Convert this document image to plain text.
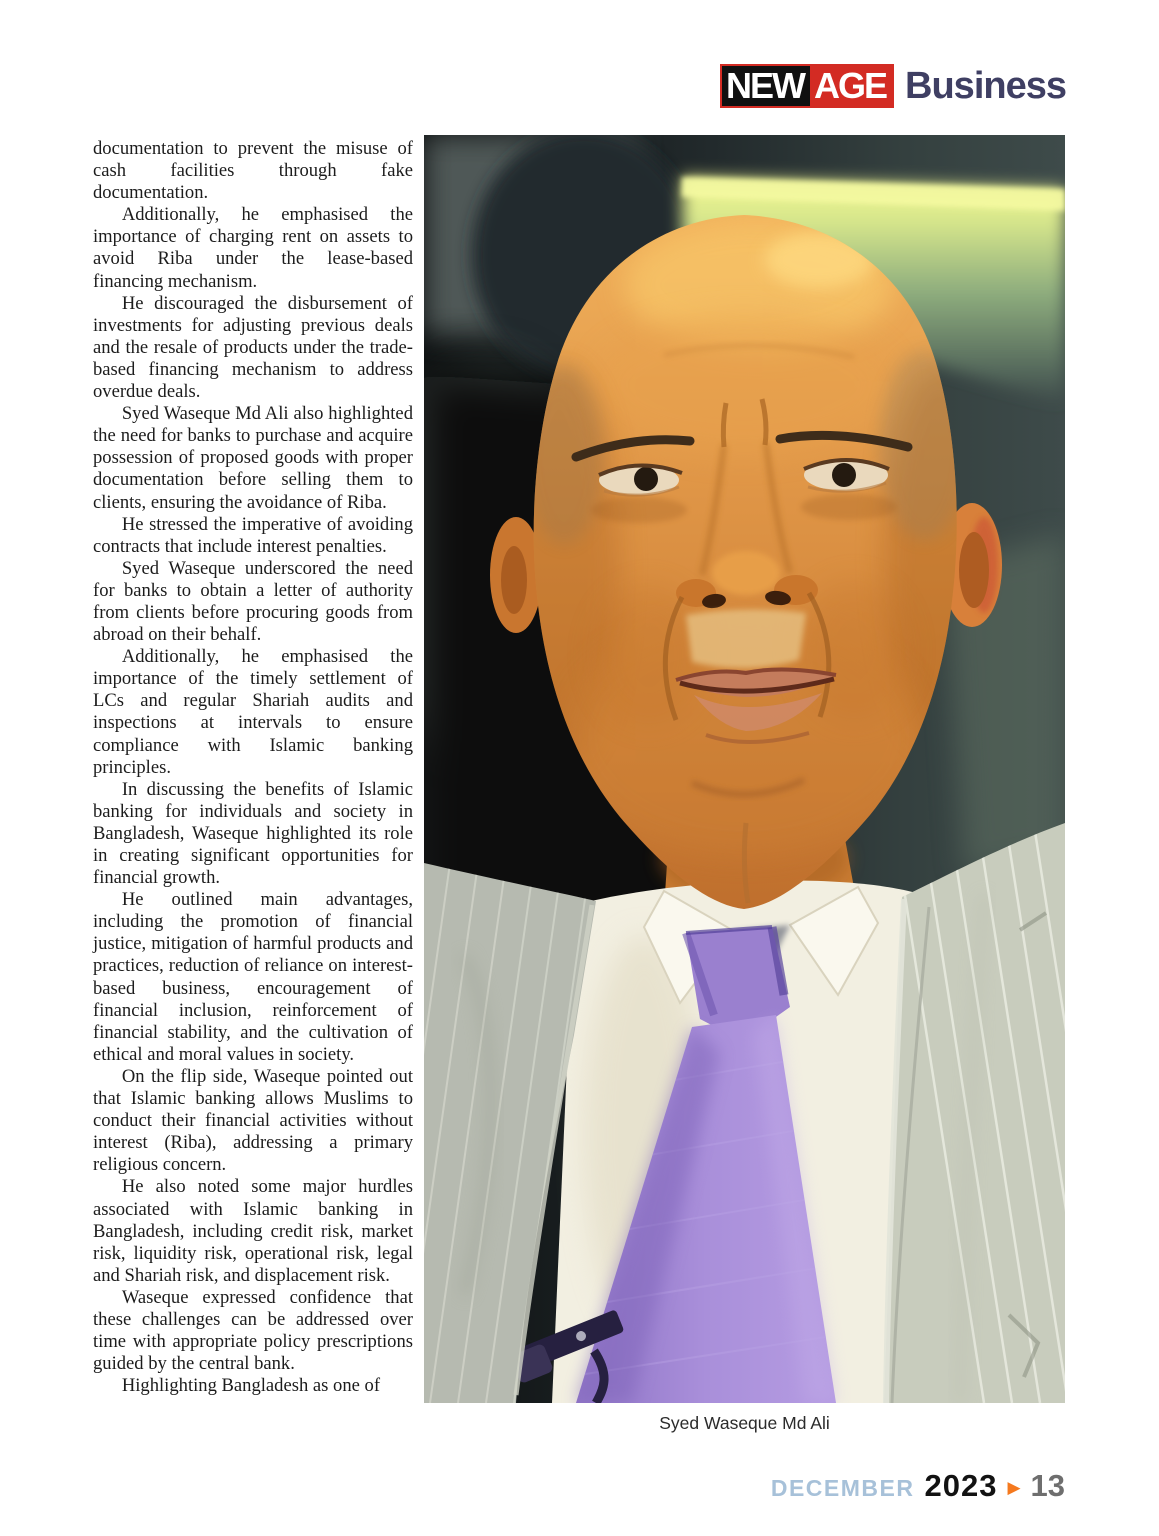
NEW AGE Business

documentation to prevent the misuse of cash facilities through fake documentation.

Additionally, he emphasised the importance of charging rent on assets to avoid Riba under the lease-based financing mechanism.

He discouraged the disbursement of investments for adjusting previous deals and the resale of products under the trade-based financing mechanism to address overdue deals.

Syed Waseque Md Ali also highlighted the need for banks to purchase and acquire possession of proposed goods with proper documentation before selling them to clients, ensuring the avoidance of Riba.

He stressed the imperative of avoiding contracts that include interest penalties.

Syed Waseque underscored the need for banks to obtain a letter of authority from clients before procuring goods from abroad on their behalf.

Additionally, he emphasised the importance of the timely settlement of LCs and regular Shariah audits and inspections at intervals to ensure compliance with Islamic banking principles.

In discussing the benefits of Islamic banking for individuals and society in Bangladesh, Waseque highlighted its role in creating significant opportunities for financial growth.

He outlined main advantages, including the promotion of financial justice, mitigation of harmful products and practices, reduction of reliance on interest-based business, encouragement of financial inclusion, reinforcement of financial stability, and the cultivation of ethical and moral values in society.

On the flip side, Waseque pointed out that Islamic banking allows Muslims to conduct their financial activities without interest (Riba), addressing a primary religious concern.

He also noted some major hurdles associated with Islamic banking in Bangladesh, including credit risk, market risk, liquidity risk, operational risk, legal and Shariah risk, and displacement risk.

Waseque expressed confidence that these challenges can be addressed over time with appropriate policy prescriptions guided by the central bank.

Highlighting Bangladesh as one of

Syed Waseque Md Ali
DECEMBER 2023 ▶ 13
